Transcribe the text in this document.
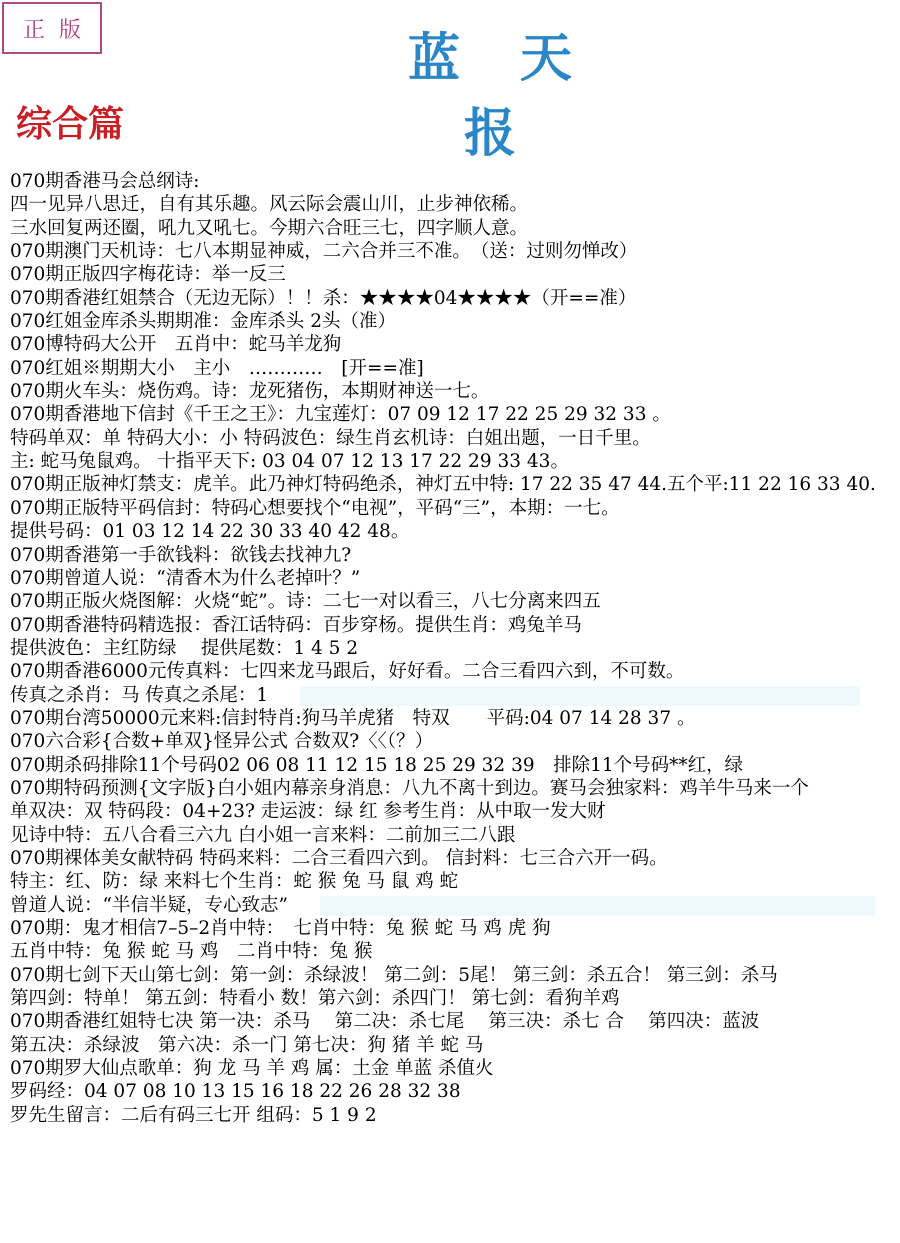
正版	蓝天报
综合篇
070期香港马会总纲诗:
四一见异八思迁，自有其乐趣。风云际会震山川，止步神依稀。
三水回复两还圈，吼九又吼七。今期六合旺三七，四字顺人意。
070期澳门天机诗：七八本期显神威，二六合并三不准。　（送：过则勿惮改）
070期正版四字梅花诗：举一反三
070期香港红姐禁合（无边无际）！！杀：★★★★04★★★★（开==准）
070红姐金库杀头期期准：金库杀头 2头（准）
070博特码大公开　五肖中：蛇马羊龙狗
070红姐※期期大小　主小　…………　[开==准]
070期火车头：烧伤鸡。诗：龙死猪伤，本期财神送一七。
070期香港地下信封《千王之王》：九宝莲灯：07 09 12 17 22 25 29 32 33 。
特码单双：单 特码大小：小 特码波色：绿生肖玄机诗：白姐出题，一日千里。
主: 蛇马兔鼠鸡。 十指平天下: 03 04 07 12 13 17 22 29 33 43。
070期正版神灯禁支：虎羊。此乃神灯特码绝杀，神灯五中特: 17 22 35 47 44.五个平:11 22 16 33 40.
070期正版特平码信封：特码心想要找个“电视”，平码“三”，本期：一七。
提供号码：01 03 12 14 22 30 33 40 42 48。
070期香港第一手欲钱料：欲钱去找神九?
070期曾道人说：“清香木为什么老掉叶？”
070期正版火烧图解：火烧“蛇”。诗：二七一对以看三，八七分离来四五
070期香港特码精选报：香江话特码：百步穿杨。提供生肖：鸡兔羊马
提供波色：主红防绿　 提供尾数：1 4 5 2
070期香港6000元传真料：七四来龙马跟后，好好看。二合三看四六到，不可数。
传真之杀肖：马 传真之杀尾：1
070期台湾50000元来料:信封特肖:狗马羊虎猪　特双　　平码:04 07 14 28 37 。
070六合彩{合数+单双}怪异公式 合数双?〈〈（？）
070期杀码排除11个号码02 06 08 11 12 15 18 25 29 32 39　排除11个号码**红，绿
070期特码预测{文字版}白小姐内幕亲身消息：八九不离十到边。赛马会独家料：鸡羊牛马来一个
单双决：双 特码段：04+23? 走运波：绿 红 参考生肖：从中取一发大财
见诗中特：五八合看三六九 白小姐一言来料：二前加三二八跟
070期裸体美女献特码 特码来料：二合三看四六到。 信封料：七三合六开一码。
特主：红、防：绿 来料七个生肖：蛇 猴 兔 马 鼠 鸡 蛇
曾道人说：“半信半疑，专心致志”
070期：鬼才相信7–5–2肖中特：　七肖中特：兔 猴 蛇 马 鸡 虎 狗
五肖中特：兔 猴 蛇 马 鸡　二肖中特：兔 猴
070期七剑下天山第七剑：第一剑：杀绿波！ 第二剑：5尾！ 第三剑：杀五合！ 第三剑：杀马
第四剑：特单！ 第五剑：特看小 数！第六剑：杀四门！ 第七剑：看狗羊鸡
070期香港红姐特七决 第一决：杀马　 第二决：杀七尾　 第三决：杀七 合　 第四决：蓝波
第五决：杀绿波　第六决：杀一门 第七决：狗 猪 羊 蛇 马
070期罗大仙点歌单：狗 龙 马 羊 鸡 属：土金 单蓝 杀值火
罗码经：04 07 08 10 13 15 16 18 22 26 28 32 38
罗先生留言：二后有码三七开 组码：5 1 9 2
